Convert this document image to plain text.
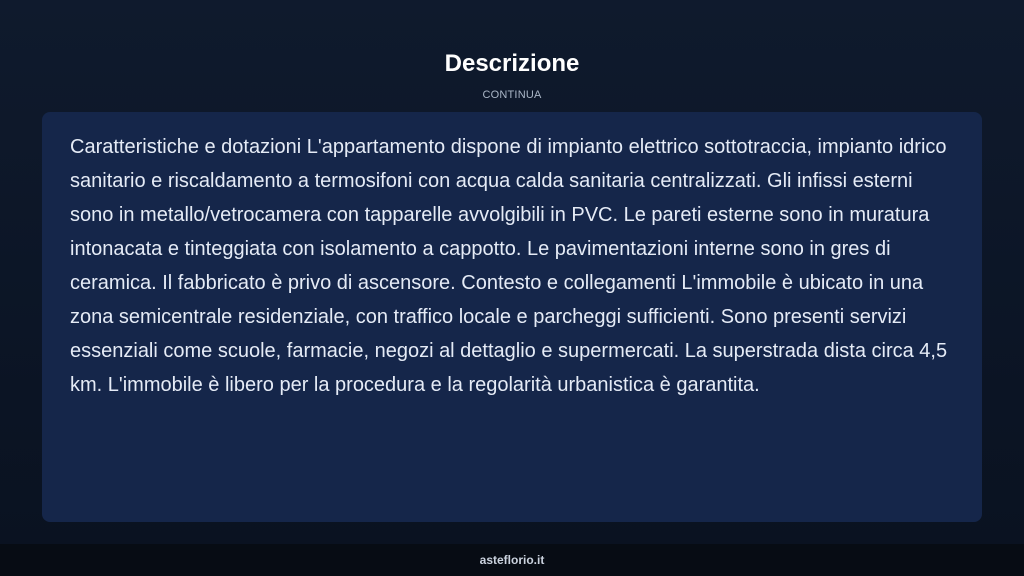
Descrizione
CONTINUA

Caratteristiche e dotazioni L'appartamento dispone di impianto elettrico sottotraccia, impianto idrico sanitario e riscaldamento a termosifoni con acqua calda sanitaria centralizzati. Gli infissi esterni sono in metallo/vetrocamera con tapparelle avvolgibili in PVC. Le pareti esterne sono in muratura intonacata e tinteggiata con isolamento a cappotto. Le pavimentazioni interne sono in gres di ceramica. Il fabbricato è privo di ascensore. Contesto e collegamenti L'immobile è ubicato in una zona semicentrale residenziale, con traffico locale e parcheggi sufficienti. Sono presenti servizi essenziali come scuole, farmacie, negozi al dettaglio e supermercati. La superstrada dista circa 4,5 km. L'immobile è libero per la procedura e la regolarità urbanistica è garantita.

asteflorio.it
